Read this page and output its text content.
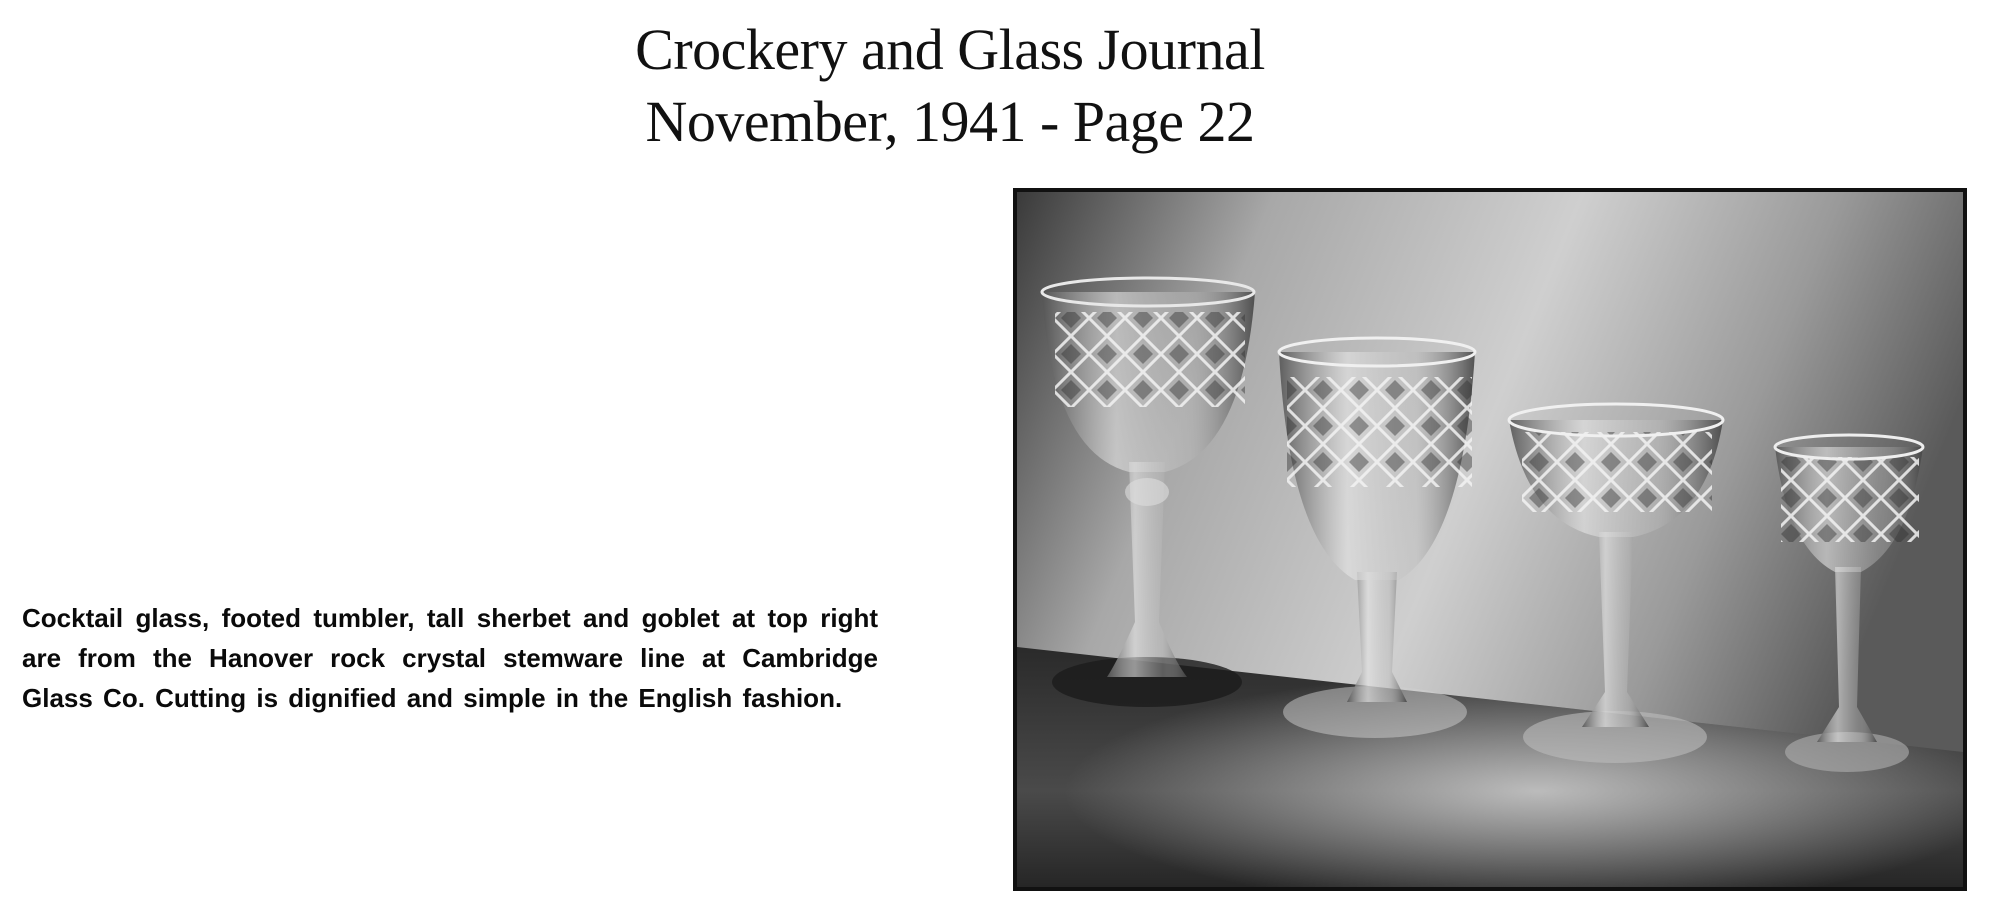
Crockery and Glass Journal
November, 1941 - Page 22
Cocktail glass, footed tumbler, tall sherbet and goblet at top right are from the Hanover rock crystal stemware line at Cambridge Glass Co. Cutting is dignified and simple in the English fashion.
